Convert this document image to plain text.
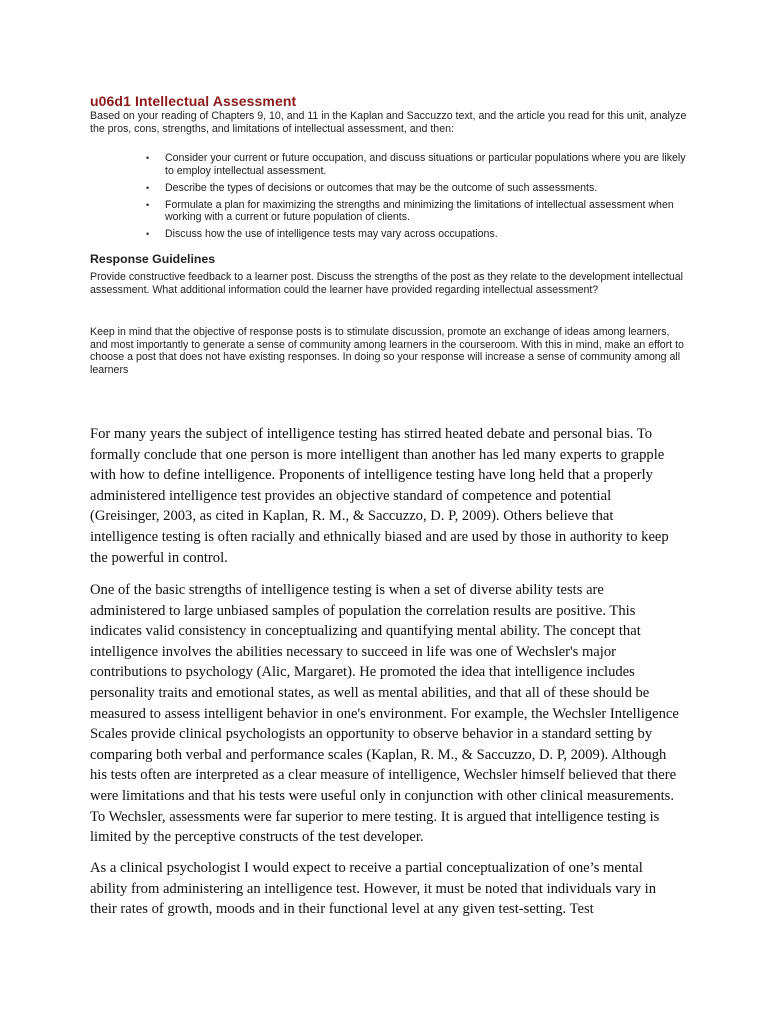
u06d1 Intellectual Assessment

Based on your reading of Chapters 9, 10, and 11 in the Kaplan and Saccuzzo text, and the article you read for this unit, analyze the pros, cons, strengths, and limitations of intellectual assessment, and then:

• Consider your current or future occupation, and discuss situations or particular populations where you are likely to employ intellectual assessment.
• Describe the types of decisions or outcomes that may be the outcome of such assessments.
• Formulate a plan for maximizing the strengths and minimizing the limitations of intellectual assessment when working with a current or future population of clients.
• Discuss how the use of intelligence tests may vary across occupations.
Response Guidelines

Provide constructive feedback to a learner post. Discuss the strengths of the post as they relate to the development intellectual assessment. What additional information could the learner have provided regarding intellectual assessment?

Keep in mind that the objective of response posts is to stimulate discussion, promote an exchange of ideas among learners, and most importantly to generate a sense of community among learners in the courseroom. With this in mind, make an effort to choose a post that does not have existing responses. In doing so your response will increase a sense of community among all learners

For many years the subject of intelligence testing has stirred heated debate and personal bias. To formally conclude that one person is more intelligent than another has led many experts to grapple with how to define intelligence. Proponents of intelligence testing have long held that a properly administered intelligence test provides an objective standard of competence and potential (Greisinger, 2003, as cited in Kaplan, R. M., & Saccuzzo, D. P, 2009). Others believe that intelligence testing is often racially and ethnically biased and are used by those in authority to keep the powerful in control.

One of the basic strengths of intelligence testing is when a set of diverse ability tests are administered to large unbiased samples of population the correlation results are positive. This indicates valid consistency in conceptualizing and quantifying mental ability. The concept that intelligence involves the abilities necessary to succeed in life was one of Wechsler's major contributions to psychology (Alic, Margaret). He promoted the idea that intelligence includes personality traits and emotional states, as well as mental abilities, and that all of these should be measured to assess intelligent behavior in one's environment. For example, the Wechsler Intelligence Scales provide clinical psychologists an opportunity to observe behavior in a standard setting by comparing both verbal and performance scales (Kaplan, R. M., & Saccuzzo, D. P, 2009). Although his tests often are interpreted as a clear measure of intelligence, Wechsler himself believed that there were limitations and that his tests were useful only in conjunction with other clinical measurements. To Wechsler, assessments were far superior to mere testing. It is argued that intelligence testing is limited by the perceptive constructs of the test developer.

As a clinical psychologist I would expect to receive a partial conceptualization of one’s mental ability from administering an intelligence test. However, it must be noted that individuals vary in their rates of growth, moods and in their functional level at any given test-setting. Test
